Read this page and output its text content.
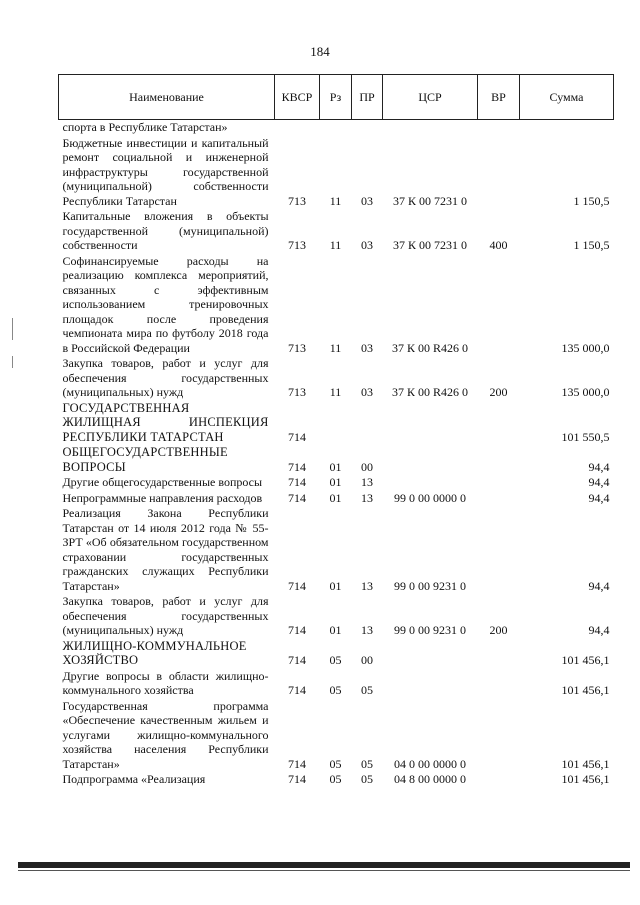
184
Наименование	КВСР	Рз	ПР	ЦСР	ВР	Сумма
спорта в Республике Татарстан»						
Бюджетные инвестиции и капитальный ремонт социальной и инженерной инфраструктуры государственной (муниципальной) собственности Республики Татарстан	713	11	03	37 К 00 7231 0		1 150,5
Капитальные вложения в объекты государственной (муниципальной) собственности	713	11	03	37 К 00 7231 0	400	1 150,5
Софинансируемые расходы на реализацию комплекса мероприятий, связанных с эффективным использованием тренировочных площадок после проведения чемпионата мира по футболу 2018 года в Российской Федерации	713	11	03	37 К 00 R426 0		135 000,0
Закупка товаров, работ и услуг для обеспечения государственных (муниципальных) нужд	713	11	03	37 К 00 R426 0	200	135 000,0
ГОСУДАРСТВЕННАЯ ЖИЛИЩНАЯ ИНСПЕКЦИЯ РЕСПУБЛИКИ ТАТАРСТАН	714					101 550,5
ОБЩЕГОСУДАРСТВЕННЫЕ ВОПРОСЫ	714	01	00			94,4
Другие общегосударственные вопросы	714	01	13			94,4
Непрограммные направления расходов	714	01	13	99 0 00 0000 0		94,4
Реализация Закона Республики Татарстан от 14 июля 2012 года № 55-ЗРТ «Об обязательном государственном страховании государственных гражданских служащих Республики Татарстан»	714	01	13	99 0 00 9231 0		94,4
Закупка товаров, работ и услуг для обеспечения государственных (муниципальных) нужд	714	01	13	99 0 00 9231 0	200	94,4
ЖИЛИЩНО-КОММУНАЛЬНОЕ ХОЗЯЙСТВО	714	05	00			101 456,1
Другие вопросы в области жилищно-коммунального хозяйства	714	05	05			101 456,1
Государственная программа «Обеспечение качественным жильем и услугами жилищно-коммунального хозяйства населения Республики Татарстан»	714	05	05	04 0 00 0000 0		101 456,1
Подпрограмма «Реализация	714	05	05	04 8 00 0000 0		101 456,1
